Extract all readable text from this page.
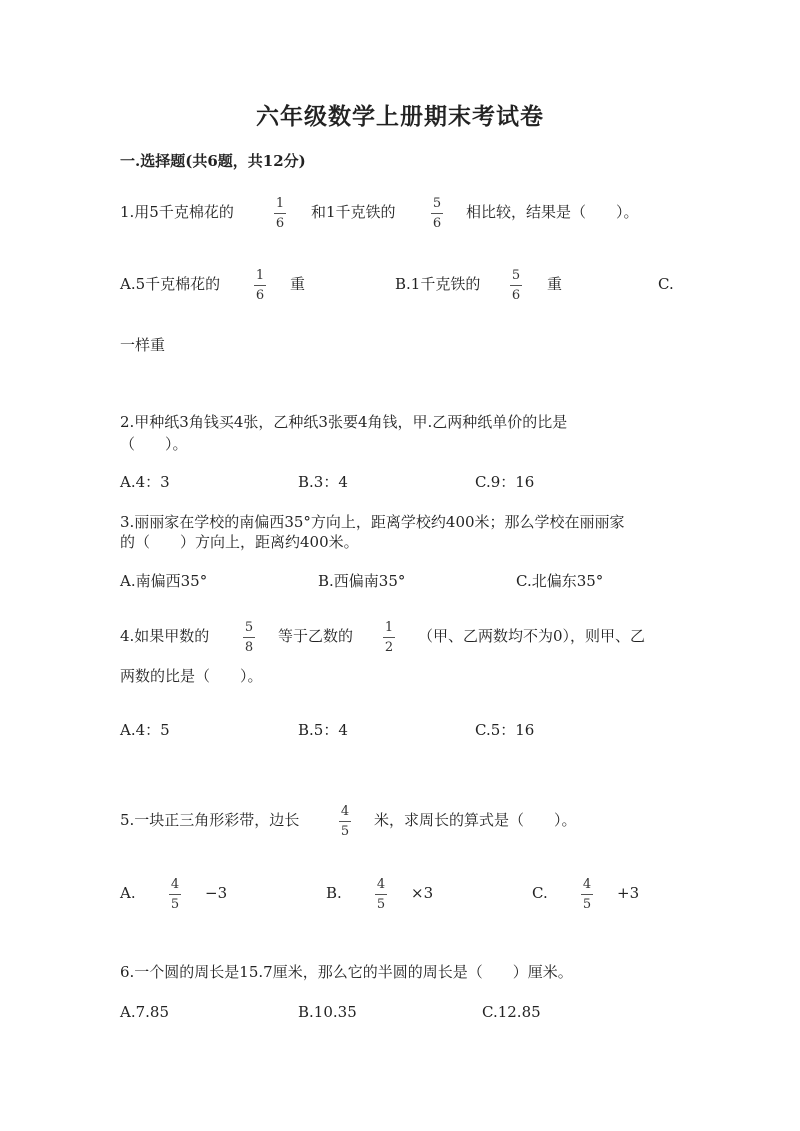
六年级数学上册期末考试卷
一.选择题(共6题，共12分)
1.用5千克棉花的	1
6
和1千克铁的	5
6
相比较，结果是（　　）。
A.5千克棉花的	1
6
重	B.1千克铁的 5
6
重	C.
一样重
2.甲种纸3角钱买4张，乙种纸3张要4角钱，甲.乙两种纸单价的比是
（　　）。
A.4：3	B.3：4	C.9：16
3.丽丽家在学校的南偏西35°方向上，距离学校约400米；那么学校在丽丽家
的（　　）方向上，距离约400米。
A.南偏西35°	B.西偏南35°	C.北偏东35°
4.如果甲数的	5
8
等于乙数的 1
2
（甲、乙两数均不为0），则甲、乙
两数的比是（　　）。
A.4：5	B.5：4	C.5：16
5.一块正三角形彩带，边长	4
5
米，求周长的算式是（　　）。
A.	4
5
−3	B.	4
5
×3	C.	4
5
+3
6.一个圆的周长是15.7厘米，那么它的半圆的周长是（　　）厘米。
A.7.85	B.10.35	C.12.85
